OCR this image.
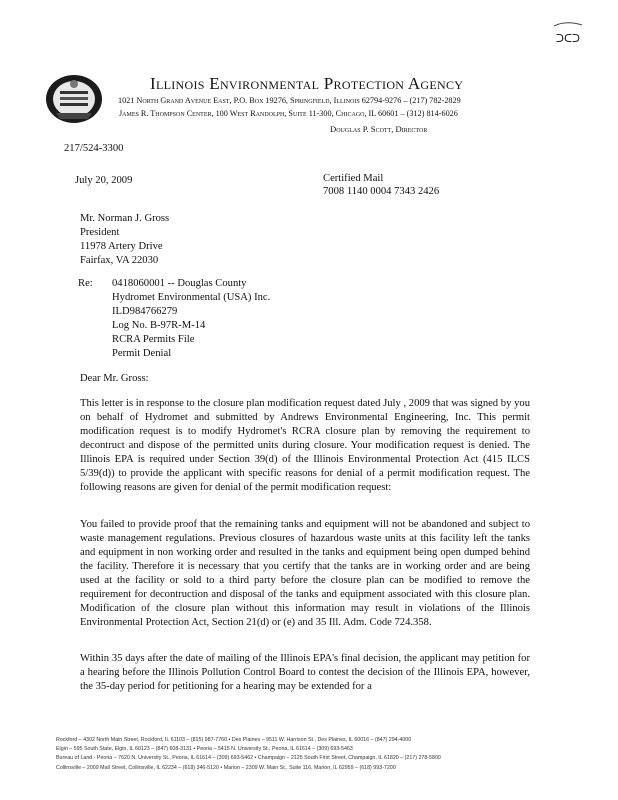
ᑐᑕᑐ
Illinois Environmental Protection Agency
1021 North Grand Avenue East, P.O. Box 19276, Springfield, Illinois 62794-9276 – (217) 782-2829
James R. Thompson Center, 100 West Randolph, Suite 11-300, Chicago, IL 60601 – (312) 814-6026
Douglas P. Scott, Director
217/524-3300
July 20, 2009	Certified Mail
7008 1140 0004 7343 2426
Mr. Norman J. Gross
President
11978 Artery Drive
Fairfax, VA 22030
Re: 0418060001 -- Douglas County
Hydromet Environmental (USA) Inc.
ILD984766279
Log No. B-97R-M-14
RCRA Permits File
Permit Denial
Dear Mr. Gross:
This letter is in response to the closure plan modification request dated July , 2009 that was signed by you on behalf of Hydromet and submitted by Andrews Environmental Engineering, Inc. This permit modification request is to modify Hydromet's RCRA closure plan by removing the requirement to decontruct and dispose of the permitted units during closure. Your modification request is denied. The Illinois EPA is required under Section 39(d) of the Illinois Environmental Protection Act (415 ILCS 5/39(d)) to provide the applicant with specific reasons for denial of a permit modification request. The following reasons are given for denial of the permit modification request:
You failed to provide proof that the remaining tanks and equipment will not be abandoned and subject to waste management regulations. Previous closures of hazardous waste units at this facility left the tanks and equipment in non working order and resulted in the tanks and equipment being open dumped behind the facility. Therefore it is necessary that you certify that the tanks are in working order and are being used at the facility or sold to a third party before the closure plan can be modified to remove the requirement for decontruction and disposal of the tanks and equipment associated with this closure plan. Modification of the closure plan without this information may result in violations of the Illinois Environmental Protection Act, Section 21(d) or (e) and 35 Ill. Adm. Code 724.358.
Within 35 days after the date of mailing of the Illinois EPA's final decision, the applicant may petition for a hearing before the Illinois Pollution Control Board to contest the decision of the Illinois EPA, however, the 35-day period for petitioning for a hearing may be extended for a
Rockford – 4302 North Main Street, Rockford, IL 61103 – (815) 987-7760 • Des Plaines – 9511 W. Harrison St., Des Plaines, IL 60016 – (847) 294-4000
Elgin – 595 South State, Elgin, IL 60123 – (847) 608-3131 • Peoria – 5415 N. University St., Peoria, IL 61614 – (309) 693-5463
Bureau of Land - Peoria – 7620 N. University St., Peoria, IL 61614 – (309) 693-5462 • Champaign – 2125 South First Street, Champaign, IL 61820 – (217) 278-5800
Collinsville – 2009 Mall Street, Collinsville, IL 62234 – (618) 346-5120 • Marion – 2309 W. Main St., Suite 116, Marion, IL 62959 – (618) 993-7200
